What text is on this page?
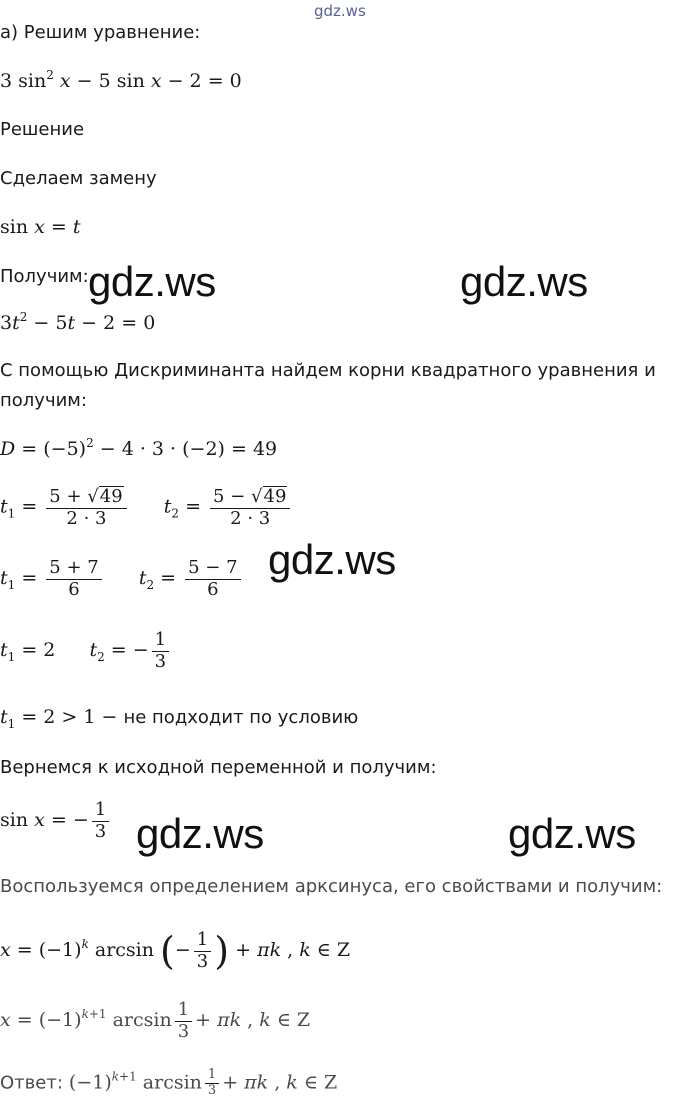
gdz.ws
а) Решим уравнение:
3 $\sin^2 x - 5$ sin x − 2 = 0
Решение
Сделаем замену
sin x = t
Получим: gdz.ws	gdz.ws
$3t^2 - 5t - 2 = 0$
С помощью Дискриминанта найдем корни квадратного уравнения и
получим:
$D = (-5)^2 - 4 \cdot 3 \cdot (-2) = 49$
$t_1 = \frac{5 + √ 49}{2 \cdot 3} t_2 = \frac{5 - √ 49}{2 \cdot 3}$
gdz.ws
$t_1 = \frac{5 + 7}{6} t_2 = \frac{5 - 7}{6}$
$t_1 = 2$  $t_2$ = − $\frac{1}{3}$
$t_1 = 2 > 1$ − не подходит по условию
Вернемся к исходной переменной и получим:
sin x = − $\frac{1}{3} gdz.ws$	gdz.ws
Воспользуемся определением арксинуса, его свойствами и получим:
$x = (-1)^k$ arcsin (− $\frac{1}{3}$ ) + πk , k ∈ Z
$x = (-1)^{k+1}$ $\arcsin \frac{1}{3} + \pi k$ , k ∈ Z
Ответ: $(-1)^{k+1}$ $\arcsin \frac{1}{3} + \pi k$ , k ∈ Z
